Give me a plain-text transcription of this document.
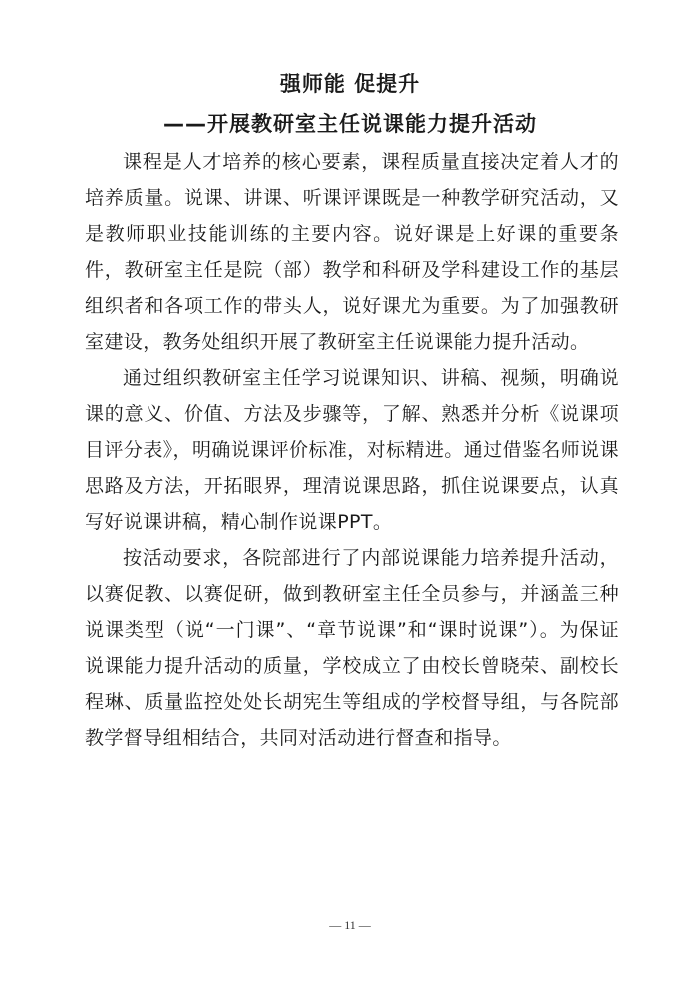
强师能 促提升
——开展教研室主任说课能力提升活动

课程是人才培养的核心要素，课程质量直接决定着人才的培养质量。说课、讲课、听课评课既是一种教学研究活动，又是教师职业技能训练的主要内容。说好课是上好课的重要条件，教研室主任是院（部）教学和科研及学科建设工作的基层组织者和各项工作的带头人，说好课尤为重要。为了加强教研室建设，教务处组织开展了教研室主任说课能力提升活动。

通过组织教研室主任学习说课知识、讲稿、视频，明确说课的意义、价值、方法及步骤等，了解、熟悉并分析《说课项目评分表》，明确说课评价标准，对标精进。通过借鉴名师说课思路及方法，开拓眼界，理清说课思路，抓住说课要点，认真写好说课讲稿，精心制作说课PPT。

按活动要求，各院部进行了内部说课能力培养提升活动，以赛促教、以赛促研，做到教研室主任全员参与，并涵盖三种说课类型（说“一门课”、“章节说课”和“课时说课”）。为保证说课能力提升活动的质量，学校成立了由校长曾晓荣、副校长程琳、质量监控处处长胡宪生等组成的学校督导组，与各院部教学督导组相结合，共同对活动进行督查和指导。

— 11 —
